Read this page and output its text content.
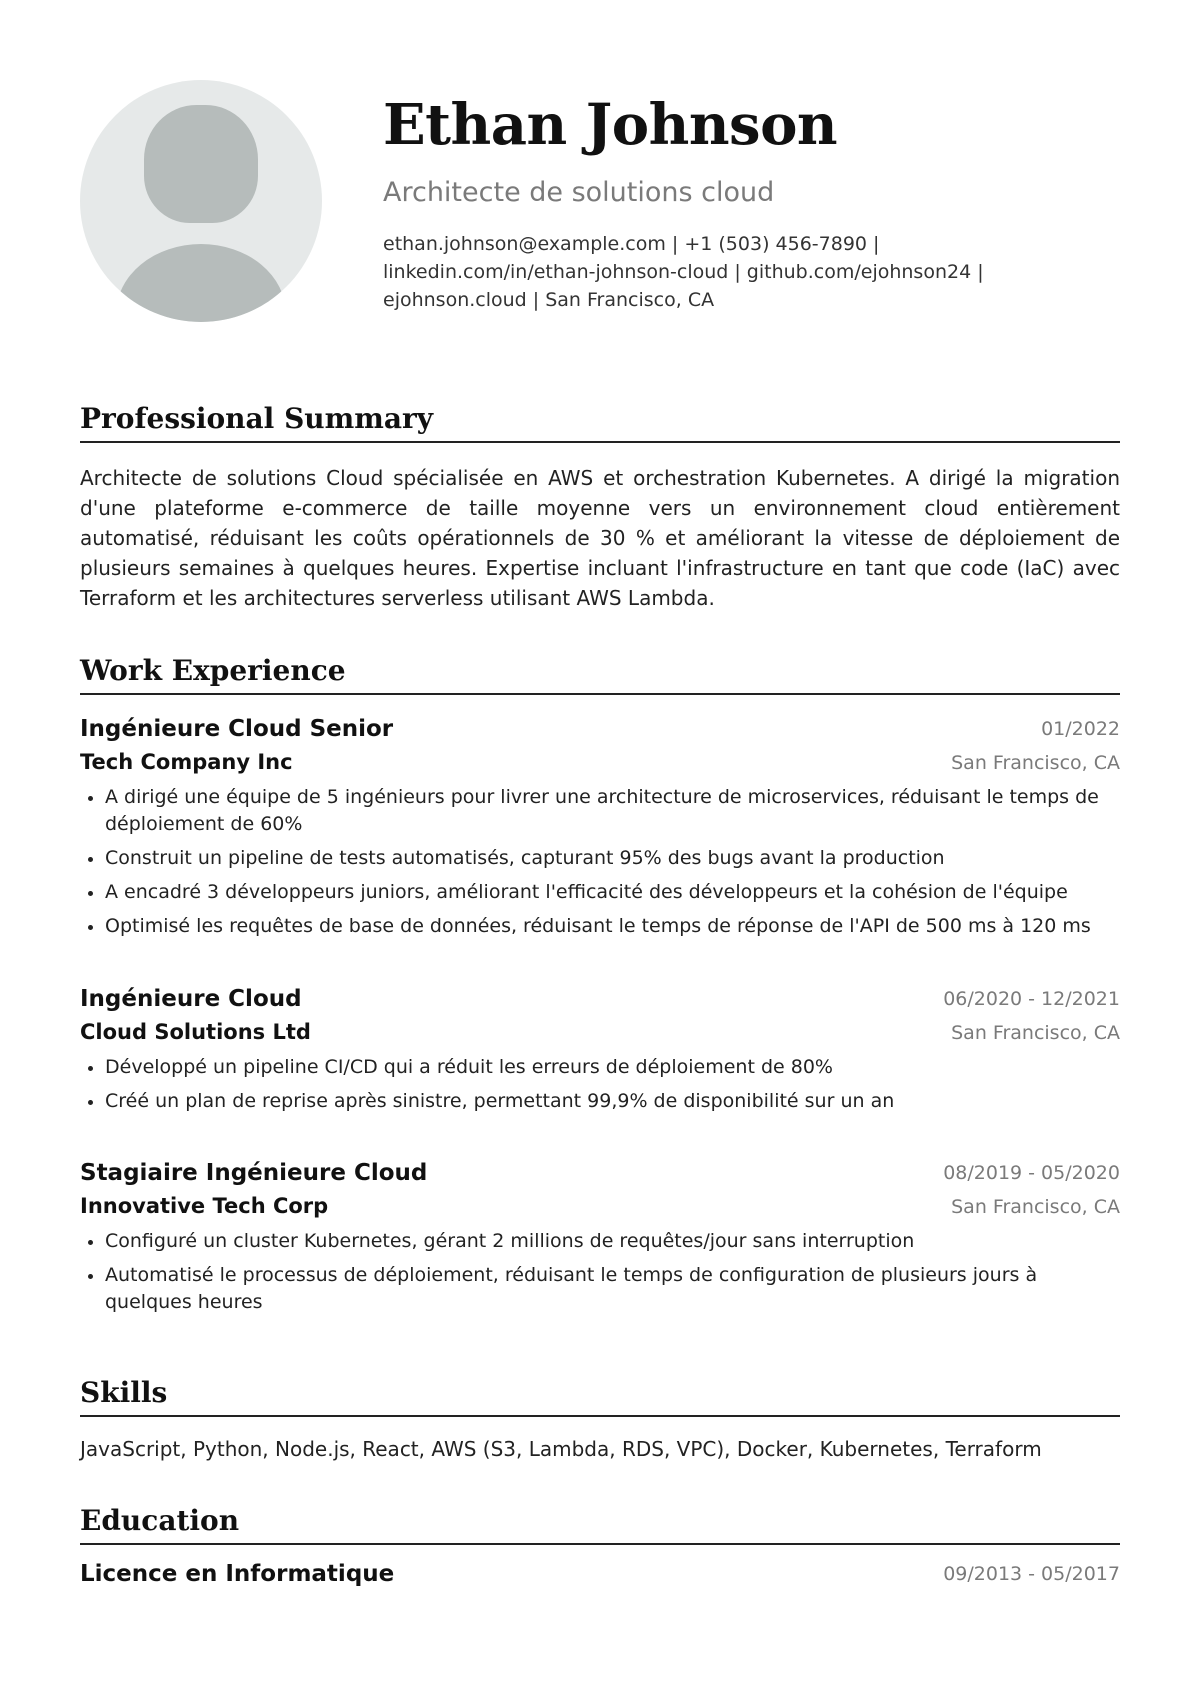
Ethan Johnson
Architecte de solutions cloud
ethan.johnson@example.com | +1 (503) 456-7890 |
linkedin.com/in/ethan-johnson-cloud | github.com/ejohnson24 |
ejohnson.cloud | San Francisco, CA
Professional Summary
Architecte de solutions Cloud spécialisée en AWS et orchestration Kubernetes. A dirigé la migration d'une plateforme e-commerce de taille moyenne vers un environnement cloud entièrement automatisé, réduisant les coûts opérationnels de 30 % et améliorant la vitesse de déploiement de plusieurs semaines à quelques heures. Expertise incluant l'infrastructure en tant que code (IaC) avec Terraform et les architectures serverless utilisant AWS Lambda.
Work Experience
Ingénieure Cloud Senior	01/2022
Tech Company Inc	San Francisco, CA
A dirigé une équipe de 5 ingénieurs pour livrer une architecture de microservices, réduisant le temps de déploiement de 60%
Construit un pipeline de tests automatisés, capturant 95% des bugs avant la production
A encadré 3 développeurs juniors, améliorant l'efficacité des développeurs et la cohésion de l'équipe
Optimisé les requêtes de base de données, réduisant le temps de réponse de l'API de 500 ms à 120 ms
Ingénieure Cloud	06/2020 - 12/2021
Cloud Solutions Ltd	San Francisco, CA
Développé un pipeline CI/CD qui a réduit les erreurs de déploiement de 80%
Créé un plan de reprise après sinistre, permettant 99,9% de disponibilité sur un an
Stagiaire Ingénieure Cloud	08/2019 - 05/2020
Innovative Tech Corp	San Francisco, CA
Configuré un cluster Kubernetes, gérant 2 millions de requêtes/jour sans interruption
Automatisé le processus de déploiement, réduisant le temps de configuration de plusieurs jours à quelques heures
Skills
JavaScript, Python, Node.js, React, AWS (S3, Lambda, RDS, VPC), Docker, Kubernetes, Terraform
Education
Licence en Informatique	09/2013 - 05/2017
